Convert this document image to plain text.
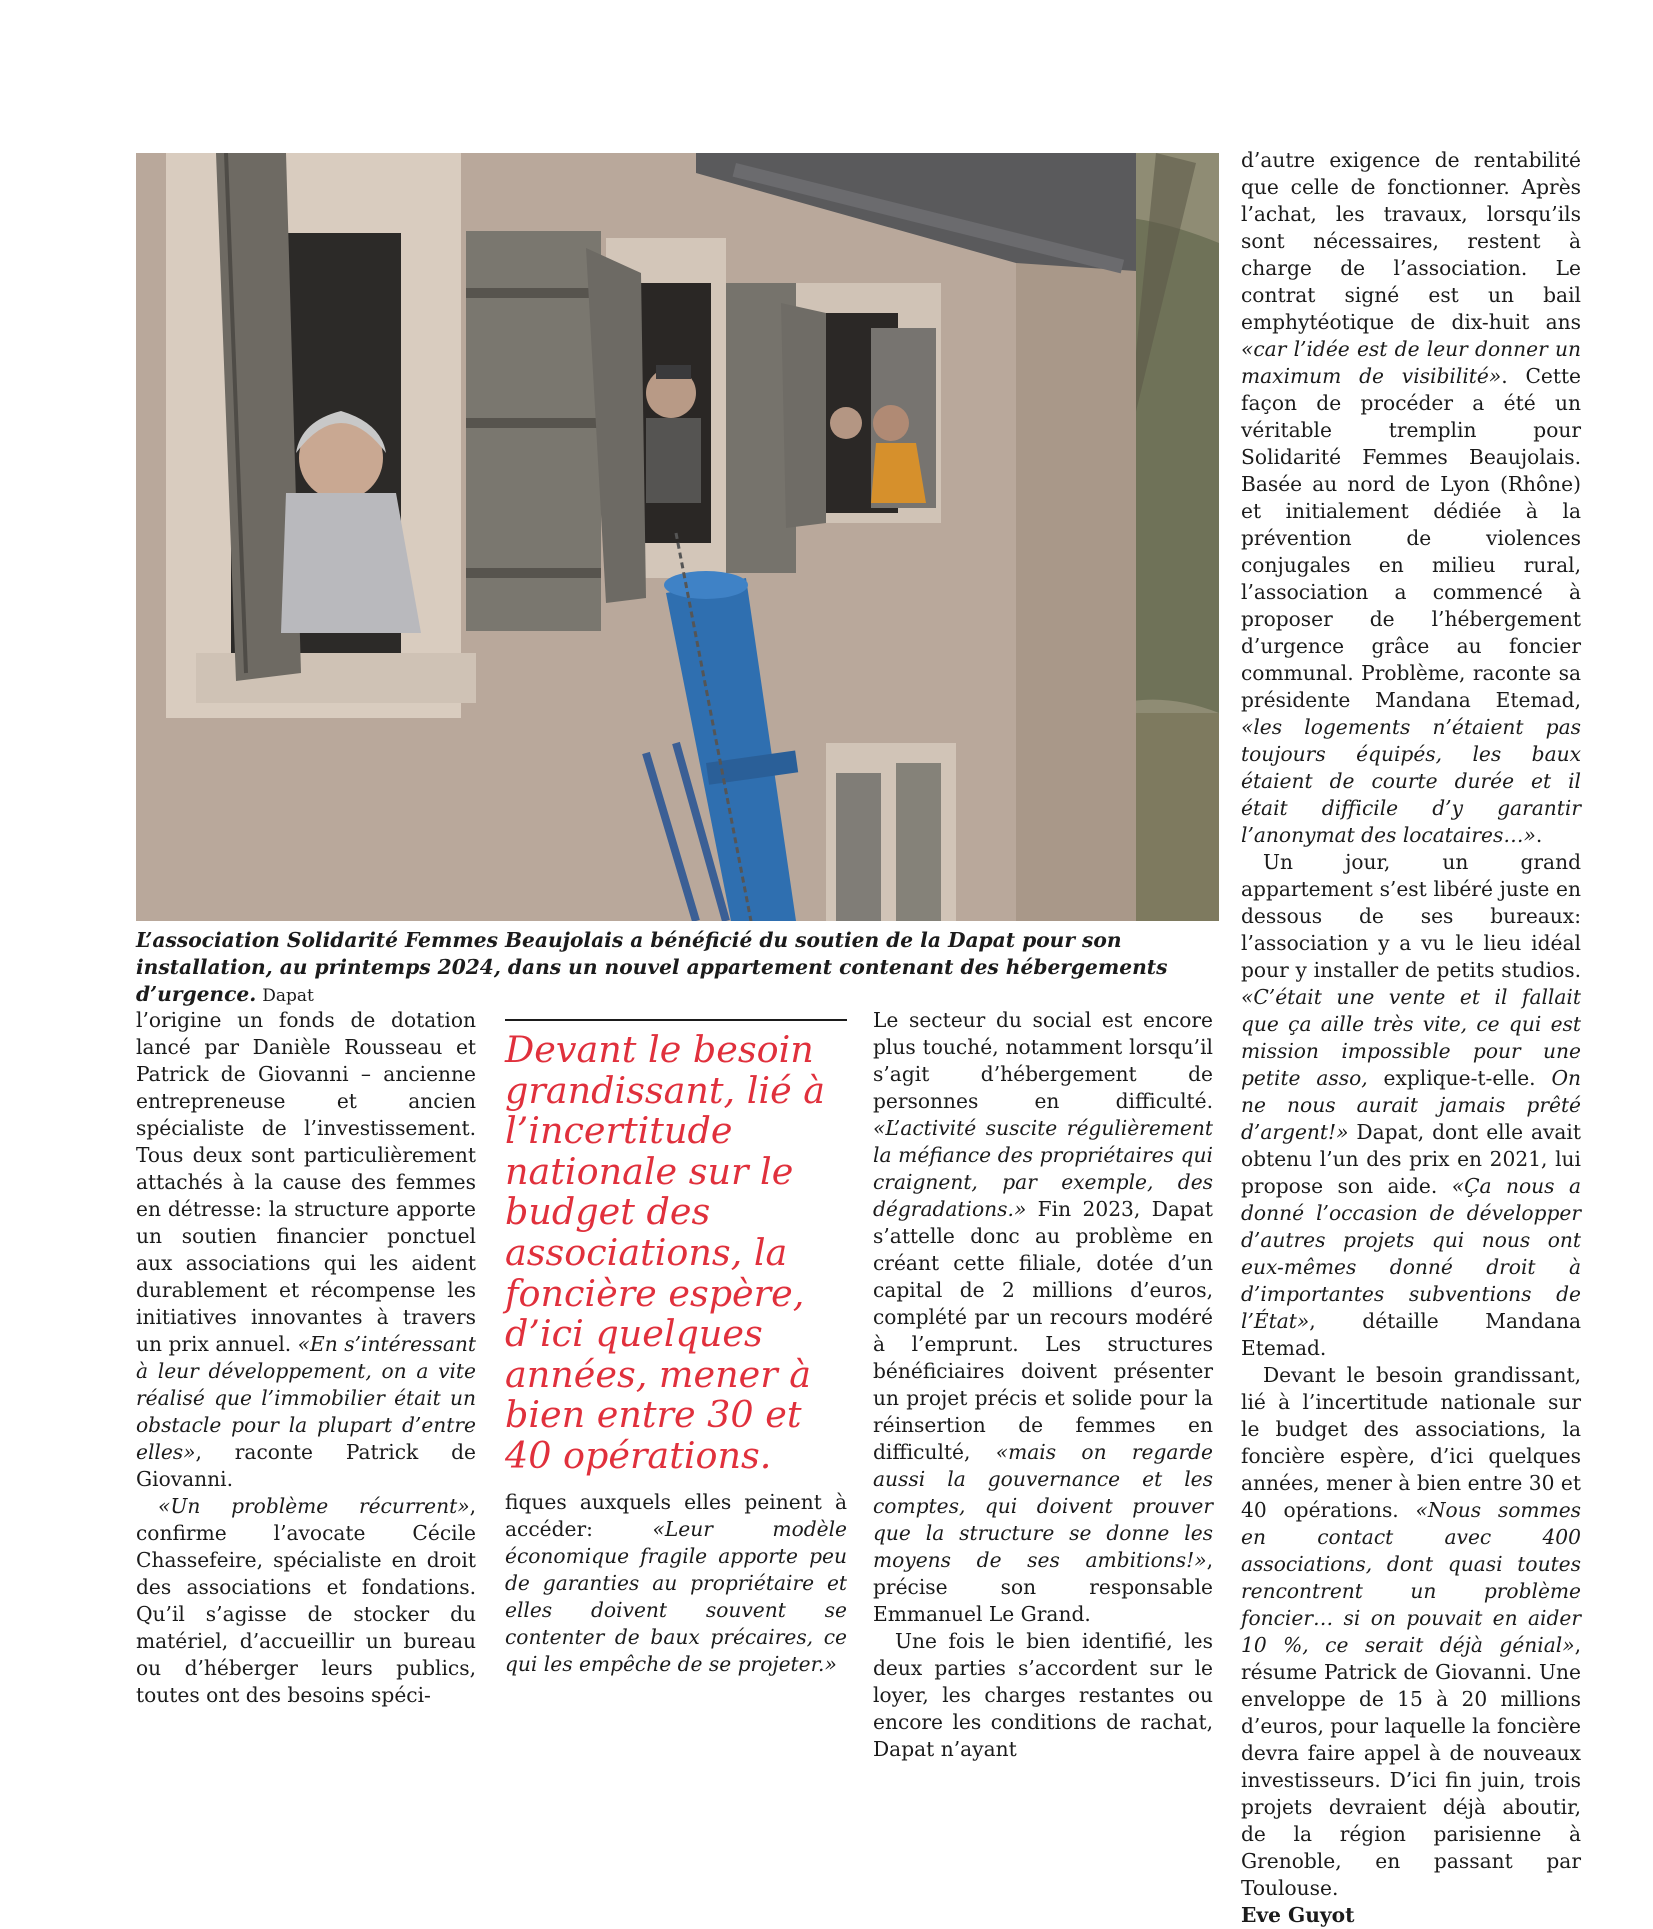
L’association Solidarité Femmes Beaujolais a bénéficié du soutien de la Dapat pour son installation, au printemps 2024, dans un nouvel appartement contenant des hébergements d’urgence. Dapat

l’origine un fonds de dotation lancé par Danièle Rousseau et Patrick de Giovanni – ancienne entrepreneuse et ancien spécialiste de l’investissement. Tous deux sont particulièrement attachés à la cause des femmes en détresse: la structure apporte un soutien financier ponctuel aux associations qui les aident durablement et récompense les initiatives innovantes à travers un prix annuel. «En s’intéressant à leur développement, on a vite réalisé que l’immobilier était un obstacle pour la plupart d’entre elles», raconte Patrick de Giovanni.

«Un problème récurrent», confirme l’avocate Cécile Chassefeire, spécialiste en droit des associations et fondations. Qu’il s’agisse de stocker du matériel, d’accueillir un bureau ou d’héberger leurs publics, toutes ont des besoins spéci-

Devant le besoin grandissant, lié à l’incertitude nationale sur le budget des associations, la foncière espère, d’ici quelques années, mener à bien entre 30 et 40 opérations.

fiques auxquels elles peinent à accéder: «Leur modèle économique fragile apporte peu de garanties au propriétaire et elles doivent souvent se contenter de baux précaires, ce qui les empêche de se projeter.»

Le secteur du social est encore plus touché, notamment lorsqu’il s’agit d’hébergement de personnes en difficulté. «L’activité suscite régulièrement la méfiance des propriétaires qui craignent, par exemple, des dégradations.» Fin 2023, Dapat s’attelle donc au problème en créant cette filiale, dotée d’un capital de 2 millions d’euros, complété par un recours modéré à l’emprunt. Les structures bénéficiaires doivent présenter un projet précis et solide pour la réinsertion de femmes en difficulté, «mais on regarde aussi la gouvernance et les comptes, qui doivent prouver que la structure se donne les moyens de ses ambitions!», précise son responsable Emmanuel Le Grand.

Une fois le bien identifié, les deux parties s’accordent sur le loyer, les charges restantes ou encore les conditions de rachat, Dapat n’ayant

d’autre exigence de rentabilité que celle de fonctionner. Après l’achat, les travaux, lorsqu’ils sont nécessaires, restent à charge de l’association. Le contrat signé est un bail emphytéotique de dix-huit ans «car l’idée est de leur donner un maximum de visibilité». Cette façon de procéder a été un véritable tremplin pour Solidarité Femmes Beaujolais. Basée au nord de Lyon (Rhône) et initialement dédiée à la prévention de violences conjugales en milieu rural, l’association a commencé à proposer de l’hébergement d’urgence grâce au foncier communal. Problème, raconte sa présidente Mandana Etemad, «les logements n’étaient pas toujours équipés, les baux étaient de courte durée et il était difficile d’y garantir l’anonymat des locataires…».

Un jour, un grand appartement s’est libéré juste en dessous de ses bureaux: l’association y a vu le lieu idéal pour y installer de petits studios. «C’était une vente et il fallait que ça aille très vite, ce qui est mission impossible pour une petite asso, explique-t-elle. On ne nous aurait jamais prêté d’argent!» Dapat, dont elle avait obtenu l’un des prix en 2021, lui propose son aide. «Ça nous a donné l’occasion de développer d’autres projets qui nous ont eux-mêmes donné droit à d’importantes subventions de l’État», détaille Mandana Etemad.

Devant le besoin grandissant, lié à l’incertitude nationale sur le budget des associations, la foncière espère, d’ici quelques années, mener à bien entre 30 et 40 opérations. «Nous sommes en contact avec 400 associations, dont quasi toutes rencontrent un problème foncier… si on pouvait en aider 10 %, ce serait déjà génial», résume Patrick de Giovanni. Une enveloppe de 15 à 20 millions d’euros, pour laquelle la foncière devra faire appel à de nouveaux investisseurs. D’ici fin juin, trois projets devraient déjà aboutir, de la région parisienne à Grenoble, en passant par Toulouse.

Eve Guyot
